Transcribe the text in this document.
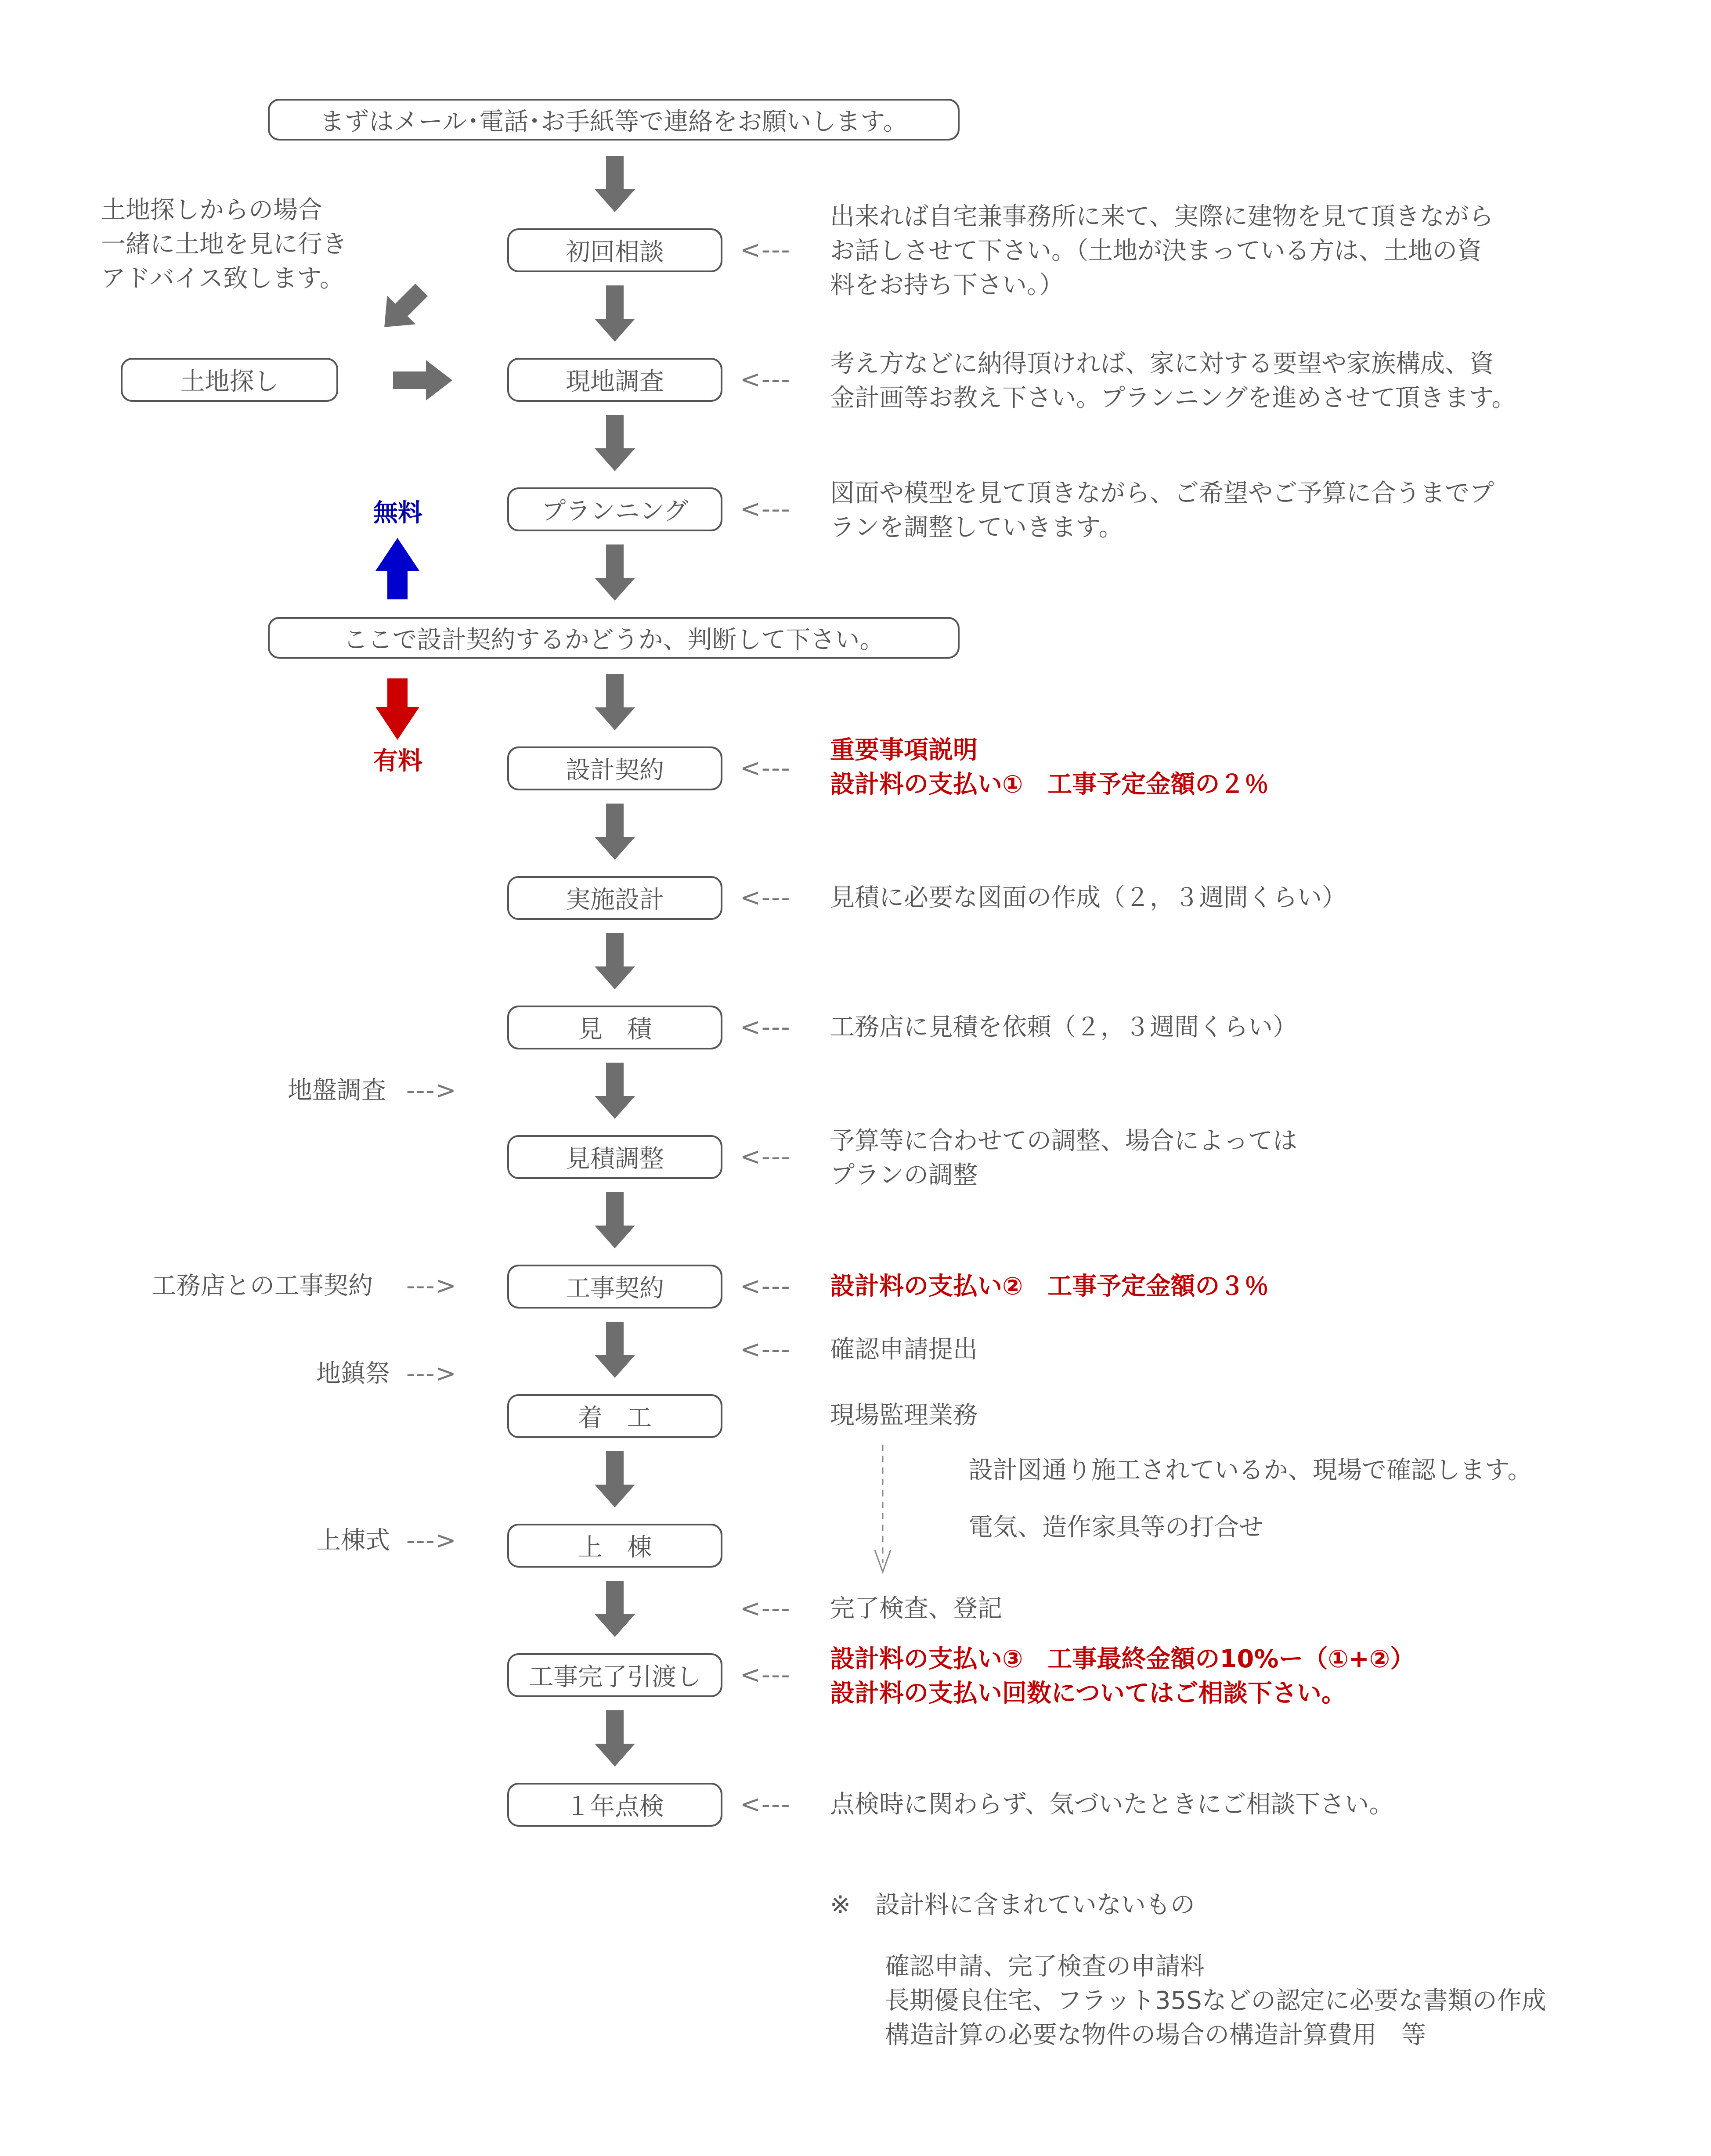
まずはメール･電話･お手紙等で連絡をお願いします。
土地探しからの場合
一緒に土地を見に行き
アドバイス致します。
土地探し
初回相談
現地調査
プランニング
ここで設計契約するかどうか、判断して下さい。
設計契約
実施設計
見　積
見積調整
工事契約
着　工
上　棟
工事完了引渡し
１年点検
無料
有料
地盤調査 --->
工務店との工事契約 --->
地鎮祭 --->
上棟式 --->
<---
<---
<---
<---
<---
<---
<---
<---
<---
<---
<---
<---
出来れば自宅兼事務所に来て、実際に建物を見て頂きながら
お話しさせて下さい。（土地が決まっている方は、土地の資
料をお持ち下さい。）
考え方などに納得頂ければ、家に対する要望や家族構成、資
金計画等お教え下さい。プランニングを進めさせて頂きます。
図面や模型を見て頂きながら、ご希望やご予算に合うまでプ
ランを調整していきます。
重要事項説明
設計料の支払い①　工事予定金額の２％
見積に必要な図面の作成（２，３週間くらい）
工務店に見積を依頼（２，３週間くらい）
予算等に合わせての調整、場合によっては
プランの調整
設計料の支払い②　工事予定金額の３％
確認申請提出
現場監理業務
設計図通り施工されているか、現場で確認します。
電気、造作家具等の打合せ
完了検査、登記
設計料の支払い③　工事最終金額の10%ー（①+②）
設計料の支払い回数についてはご相談下さい。
点検時に関わらず、気づいたときにご相談下さい。
※　設計料に含まれていないもの
確認申請、完了検査の申請料
長期優良住宅、フラット35Sなどの認定に必要な書類の作成
構造計算の必要な物件の場合の構造計算費用　等
